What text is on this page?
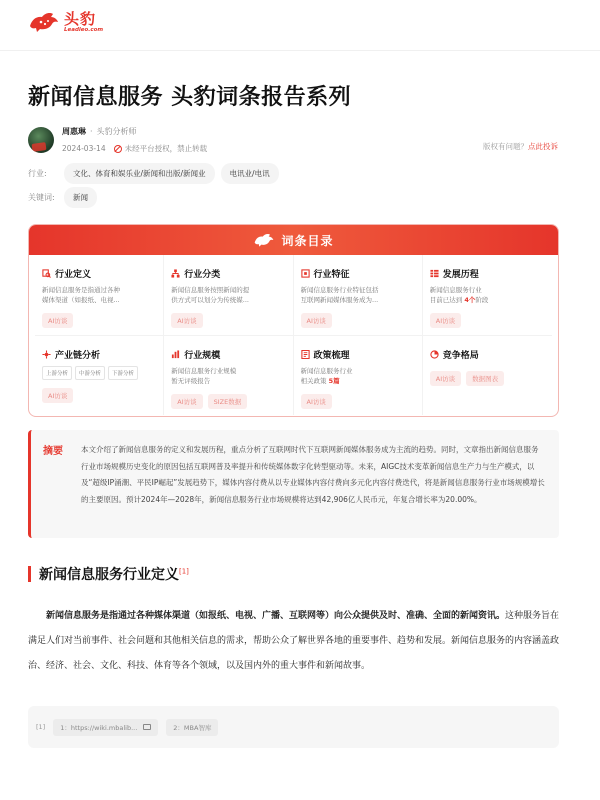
头豹
Leadleo.com
新闻信息服务 头豹词条报告系列
周惠琳 · 头豹分析师
2024-03-14	未经平台授权，禁止转载	版权有问题？点此投诉
行业:	文化、体育和娱乐业/新闻和出版/新闻业	电讯业/电讯
关键词:	新闻
词条目录
行业定义
新闻信息服务是指通过各种
媒体渠道（如报纸、电视...
AI访谈
行业分类
新闻信息服务按照新闻的提
供方式可以划分为传统媒...
AI访谈
行业特征
新闻信息服务行业特征包括
互联网新闻媒体服务成为...
AI访谈
发展历程
新闻信息服务行业
目前已达到 4个阶段
AI访谈
产业链分析
上游分析	中游分析	下游分析
AI访谈
行业规模
新闻信息服务行业规模
暂无评级报告
AI访谈	SIZE数据
政策梳理
新闻信息服务行业
相关政策 5篇
AI访谈
竞争格局
AI访谈	数据图表
摘要	本文介绍了新闻信息服务的定义和发展历程，重点分析了互联网时代下互联网新闻媒体服务成为主流的趋势。同时，文章指出新闻信息服务行业市场规模历史变化的原因包括互联网普及率提升和传统媒体数字化转型驱动等。未来，AIGC技术变革新闻信息生产力与生产模式，以及“超级IP涌潮、平民IP崛起”发展趋势下，媒体内容付费从以专业媒体内容付费向多元化内容付费迭代，将是新闻信息服务行业市场规模增长的主要原因。预计2024年—2028年，新闻信息服务行业市场规模将达到42,906亿人民币元，年复合增长率为20.00%。
新闻信息服务行业定义[1]

新闻信息服务是指通过各种媒体渠道（如报纸、电视、广播、互联网等）向公众提供及时、准确、全面的新闻资讯。这种服务旨在满足人们对当前事件、社会问题和其他相关信息的需求，帮助公众了解世界各地的重要事件、趋势和发展。新闻信息服务的内容涵盖政治、经济、社会、文化、科技、体育等各个领域，以及国内外的重大事件和新闻故事。

[1] 1：https://wiki.mbalib...	2：MBA智库
